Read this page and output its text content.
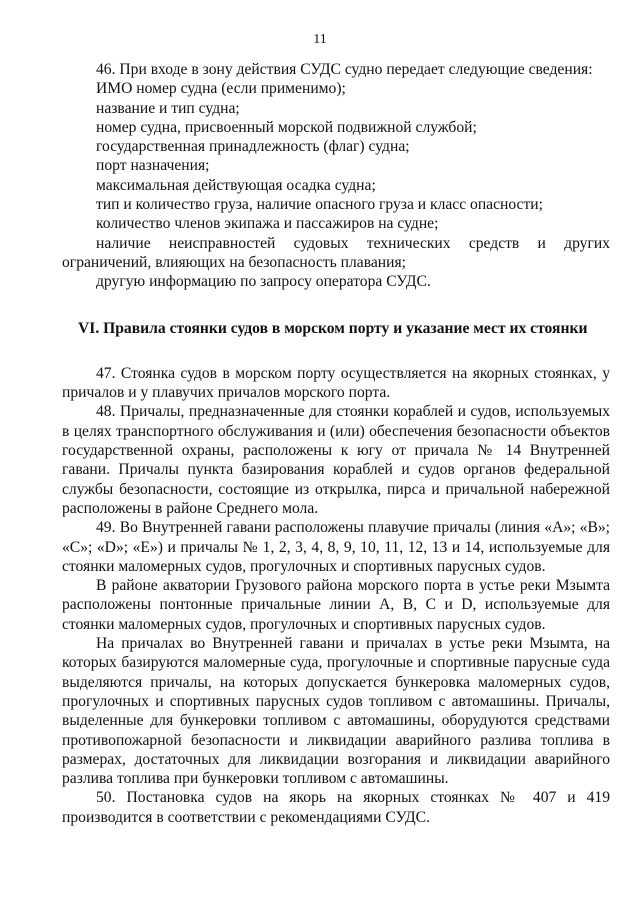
11

46. При входе в зону действия СУДС судно передает следующие сведения:

ИМО номер судна (если применимо);

название и тип судна;

номер судна, присвоенный морской подвижной службой;

государственная принадлежность (флаг) судна;

порт назначения;

максимальная действующая осадка судна;

тип и количество груза, наличие опасного груза и класс опасности;

количество членов экипажа и пассажиров на судне;

наличие неисправностей судовых технических средств и других ограничений, влияющих на безопасность плавания;

другую информацию по запросу оператора СУДС.

VI. Правила стоянки судов в морском порту и указание мест их стоянки

47. Стоянка судов в морском порту осуществляется на якорных стоянках, у причалов и у плавучих причалов морского порта.

48. Причалы, предназначенные для стоянки кораблей и судов, используемых в целях транспортного обслуживания и (или) обеспечения безопасности объектов государственной охраны, расположены к югу от причала № 14 Внутренней гавани. Причалы пункта базирования кораблей и судов органов федеральной службы безопасности, состоящие из открылка, пирса и причальной набережной расположены в районе Среднего мола.

49. Во Внутренней гавани расположены плавучие причалы (линия «А»; «В»; «С»; «D»; «Е») и причалы № 1, 2, 3, 4, 8, 9, 10, 11, 12, 13 и 14, используемые для стоянки маломерных судов, прогулочных и спортивных парусных судов.

В районе акватории Грузового района морского порта в устье реки Мзымта расположены понтонные причальные линии А, В, С и D, используемые для стоянки маломерных судов, прогулочных и спортивных парусных судов.

На причалах во Внутренней гавани и причалах в устье реки Мзымта, на которых базируются маломерные суда, прогулочные и спортивные парусные суда выделяются причалы, на которых допускается бункеровка маломерных судов, прогулочных и спортивных парусных судов топливом с автомашины. Причалы, выделенные для бункеровки топливом с автомашины, оборудуются средствами противопожарной безопасности и ликвидации аварийного разлива топлива в размерах, достаточных для ликвидации возгорания и ликвидации аварийного разлива топлива при бункеровки топливом с автомашины.

50. Постановка судов на якорь на якорных стоянках № 407 и 419 производится в соответствии с рекомендациями СУДС.
